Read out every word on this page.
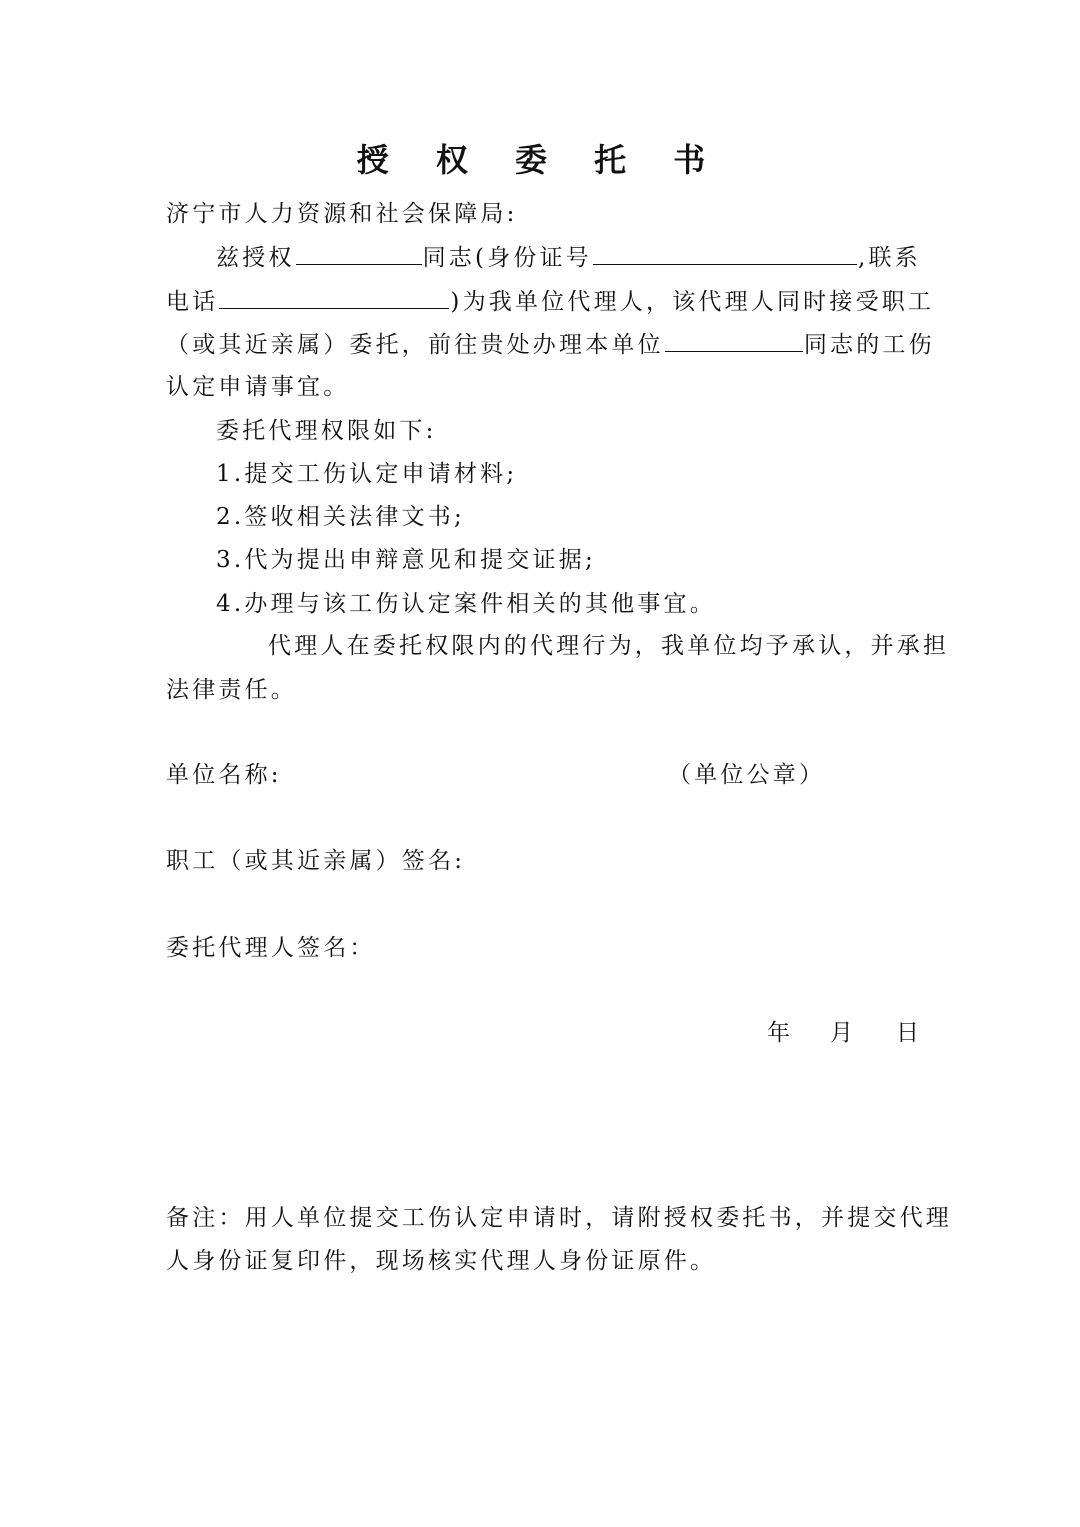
授 权 委 托 书
济宁市人力资源和社会保障局:
兹授权	同志(身份证号	,联系
电话	)为我单位代理人，该代理人同时接受职工
（或其近亲属）委托，前往贵处办理本单位	同志的工伤
认定申请事宜。
委托代理权限如下:
1.提交工伤认定申请材料;
2.签收相关法律文书;
3.代为提出申辩意见和提交证据;
4.办理与该工伤认定案件相关的其他事宜。
代理人在委托权限内的代理行为，我单位均予承认，并承担
法律责任。
单位名称:	（单位公章）
职工（或其近亲属）签名:
委托代理人签名：
年 月 日
备注：用人单位提交工伤认定申请时，请附授权委托书，并提交代理
人身份证复印件，现场核实代理人身份证原件。
